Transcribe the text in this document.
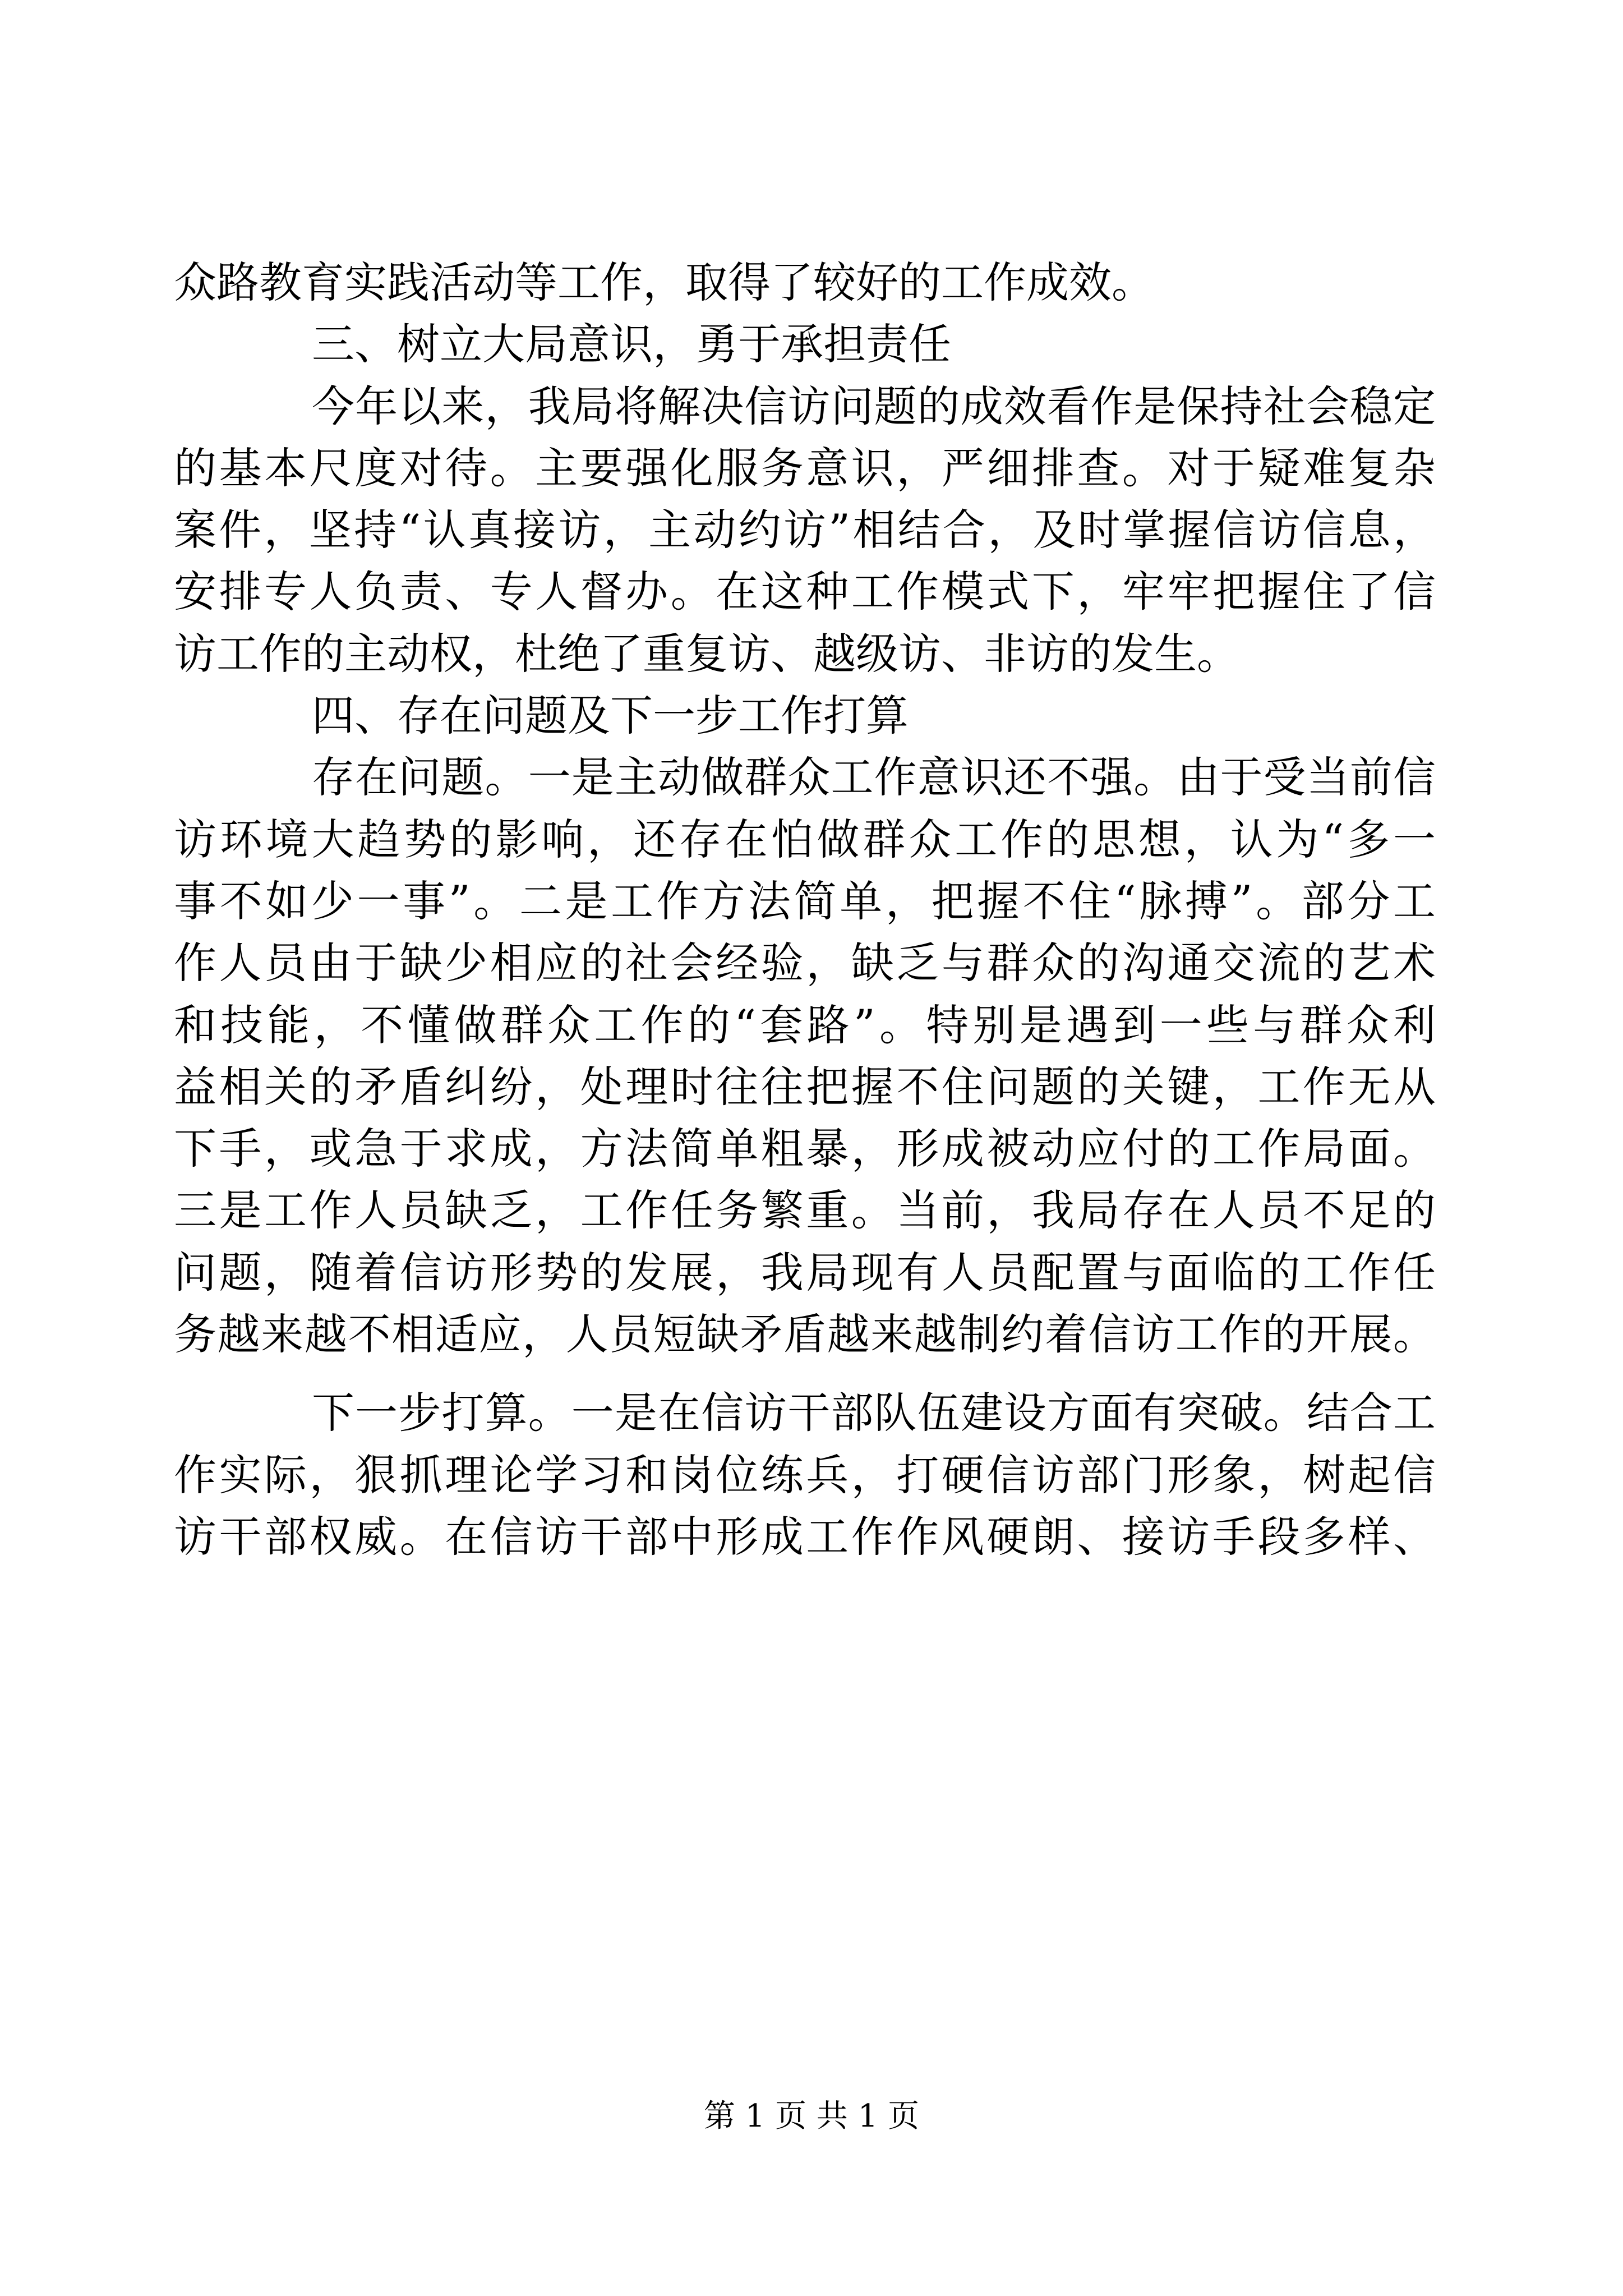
众路教育实践活动等工作，取得了较好的工作成效。
三、树立大局意识，勇于承担责任
今年以来，我局将解决信访问题的成效看作是保持社会稳定
的基本尺度对待。主要强化服务意识，严细排查。对于疑难复杂
案件，坚持“认真接访，主动约访”相结合，及时掌握信访信息，
安排专人负责、专人督办。在这种工作模式下，牢牢把握住了信
访工作的主动权，杜绝了重复访、越级访、非访的发生。
四、存在问题及下一步工作打算
存在问题。一是主动做群众工作意识还不强。由于受当前信
访环境大趋势的影响，还存在怕做群众工作的思想，认为“多一
事不如少一事”。二是工作方法简单，把握不住“脉搏”。部分工
作人员由于缺少相应的社会经验，缺乏与群众的沟通交流的艺术
和技能，不懂做群众工作的“套路”。特别是遇到一些与群众利
益相关的矛盾纠纷，处理时往往把握不住问题的关键，工作无从
下手，或急于求成，方法简单粗暴，形成被动应付的工作局面。
三是工作人员缺乏，工作任务繁重。当前，我局存在人员不足的
问题，随着信访形势的发展，我局现有人员配置与面临的工作任
务越来越不相适应，人员短缺矛盾越来越制约着信访工作的开展。
下一步打算。一是在信访干部队伍建设方面有突破。结合工
作实际，狠抓理论学习和岗位练兵，打硬信访部门形象，树起信
访干部权威。在信访干部中形成工作作风硬朗、接访手段多样、
第 1 页 共 1 页
